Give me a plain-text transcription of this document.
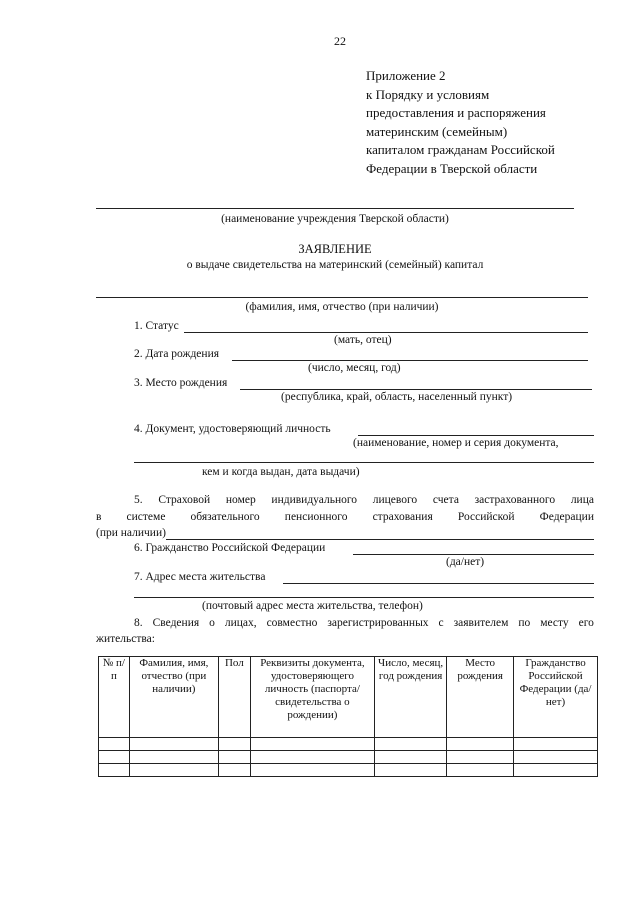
22
Приложение 2
к Порядку и условиям
предоставления и распоряжения
материнским (семейным)
капиталом гражданам Российской
Федерации в Тверской области
(наименование учреждения Тверской области)
ЗАЯВЛЕНИЕ
о выдаче свидетельства на материнский (семейный) капитал
(фамилия, имя, отчество (при наличии)
1. Статус
(мать, отец)
2. Дата рождения
(число, месяц, год)
3. Место рождения
(республика, край, область, населенный пункт)
4. Документ, удостоверяющий личность
(наименование, номер и серия документа,
кем и когда выдан, дата выдачи)
5. Страховой номер индивидуального лицевого счета застрахованного лица
в системе обязательного пенсионного страхования Российской Федерации
(при наличии)
6. Гражданство Российской Федерации
(да/нет)
7. Адрес места жительства
(почтовый адрес места жительства, телефон)
8. Сведения о лицах, совместно зарегистрированных с заявителем по месту его
жительства:
№ п/п	Фамилия, имя, отчество (при наличии)	Пол	Реквизиты документа, удостоверяющего личность (паспорта/свидетельства о рождении)	Число, месяц, год рождения	Место рождения	Гражданство Российской Федерации (да/нет)
